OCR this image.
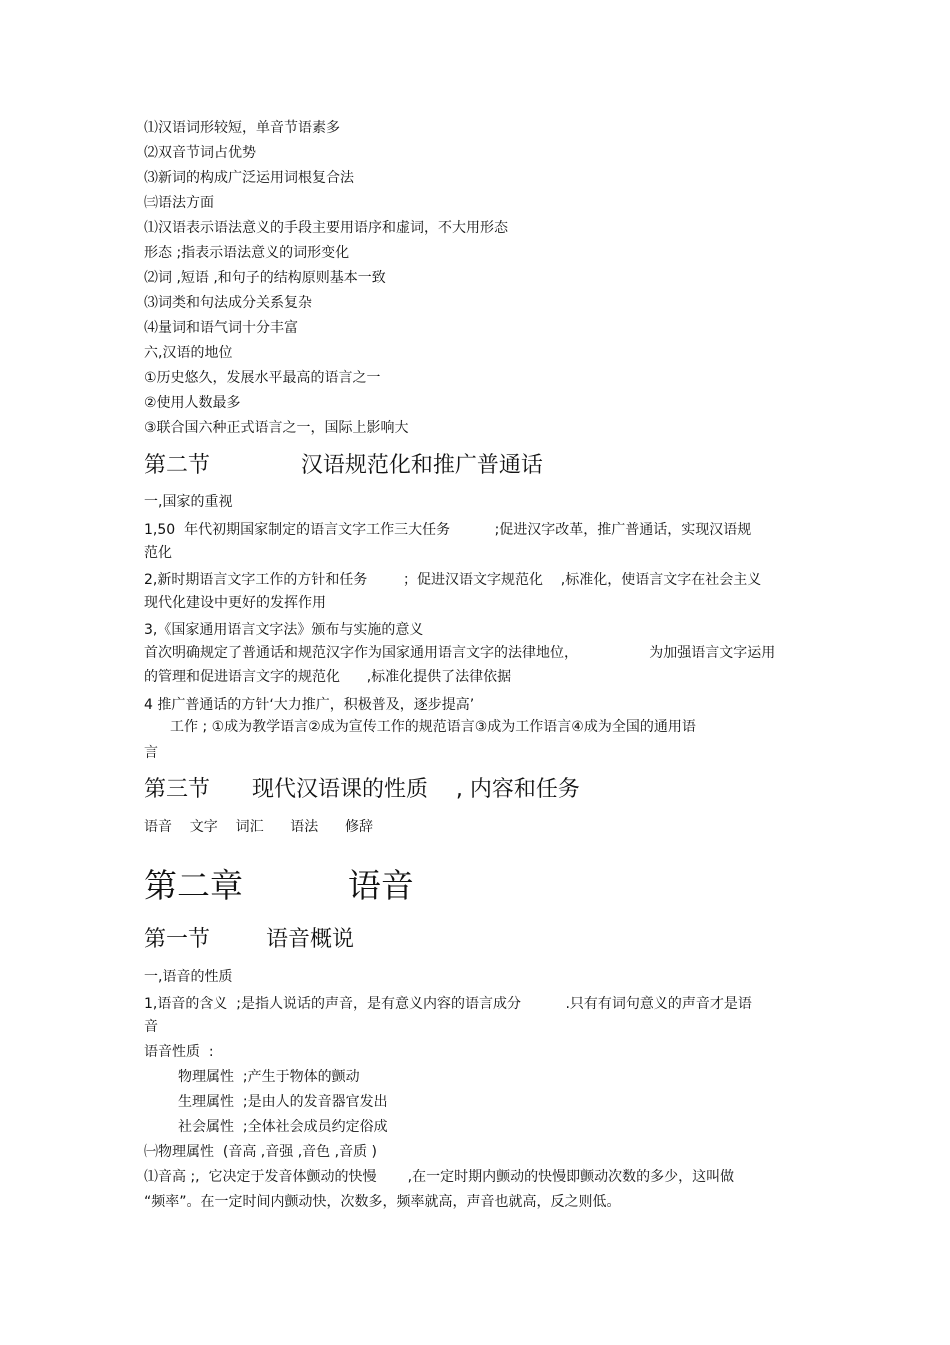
⑴汉语词形较短，单音节语素多
⑵双音节词占优势
⑶新词的构成广泛运用词根复合法
㈢语法方面
⑴汉语表示语法意义的手段主要用语序和虚词，不大用形态
形态 ;指表示语法意义的词形变化
⑵词 ,短语 ,和句子的结构原则基本一致
⑶词类和句法成分关系复杂
⑷量词和语气词十分丰富
六,汉语的地位
①历史悠久，发展水平最高的语言之一
②使用人数最多
③联合国六种正式语言之一，国际上影响大
第二节             汉语规范化和推广普通话
一,国家的重视
1,50  年代初期国家制定的语言文字工作三大任务          ;促进汉字改革，推广普通话，实现汉语规
范化
2,新时期语言文字工作的方针和任务        ；促进汉语文字规范化    ,标准化，使语言文字在社会主义
现代化建设中更好的发挥作用
3,《国家通用语言文字法》颁布与实施的意义
首次明确规定了普通话和规范汉字作为国家通用语言文字的法律地位，                为加强语言文字运用
的管理和促进语言文字的规范化      ,标准化提供了法律依据
4 推广普通话的方针‘大力推广，积极普及，逐步提高’
工作 ; ①成为教学语言②成为宣传工作的规范语言③成为工作语言④成为全国的通用语
言
第三节      现代汉语课的性质    , 内容和任务
语音    文字    词汇      语法      修辞
第二章          语音
第一节        语音概说
一,语音的性质
1,语音的含义  ;是指人说话的声音，是有意义内容的语言成分          .只有有词句意义的声音才是语
音
语音性质  :
物理属性  ;产生于物体的颤动
生理属性  ;是由人的发音器官发出
社会属性  ;全体社会成员约定俗成
㈠物理属性  (音高 ,音强 ,音色 ,音质 )
⑴音高 ;,  它决定于发音体颤动的快慢       ,在一定时期内颤动的快慢即颤动次数的多少，这叫做
“频率”。在一定时间内颤动快，次数多，频率就高，声音也就高，反之则低。
